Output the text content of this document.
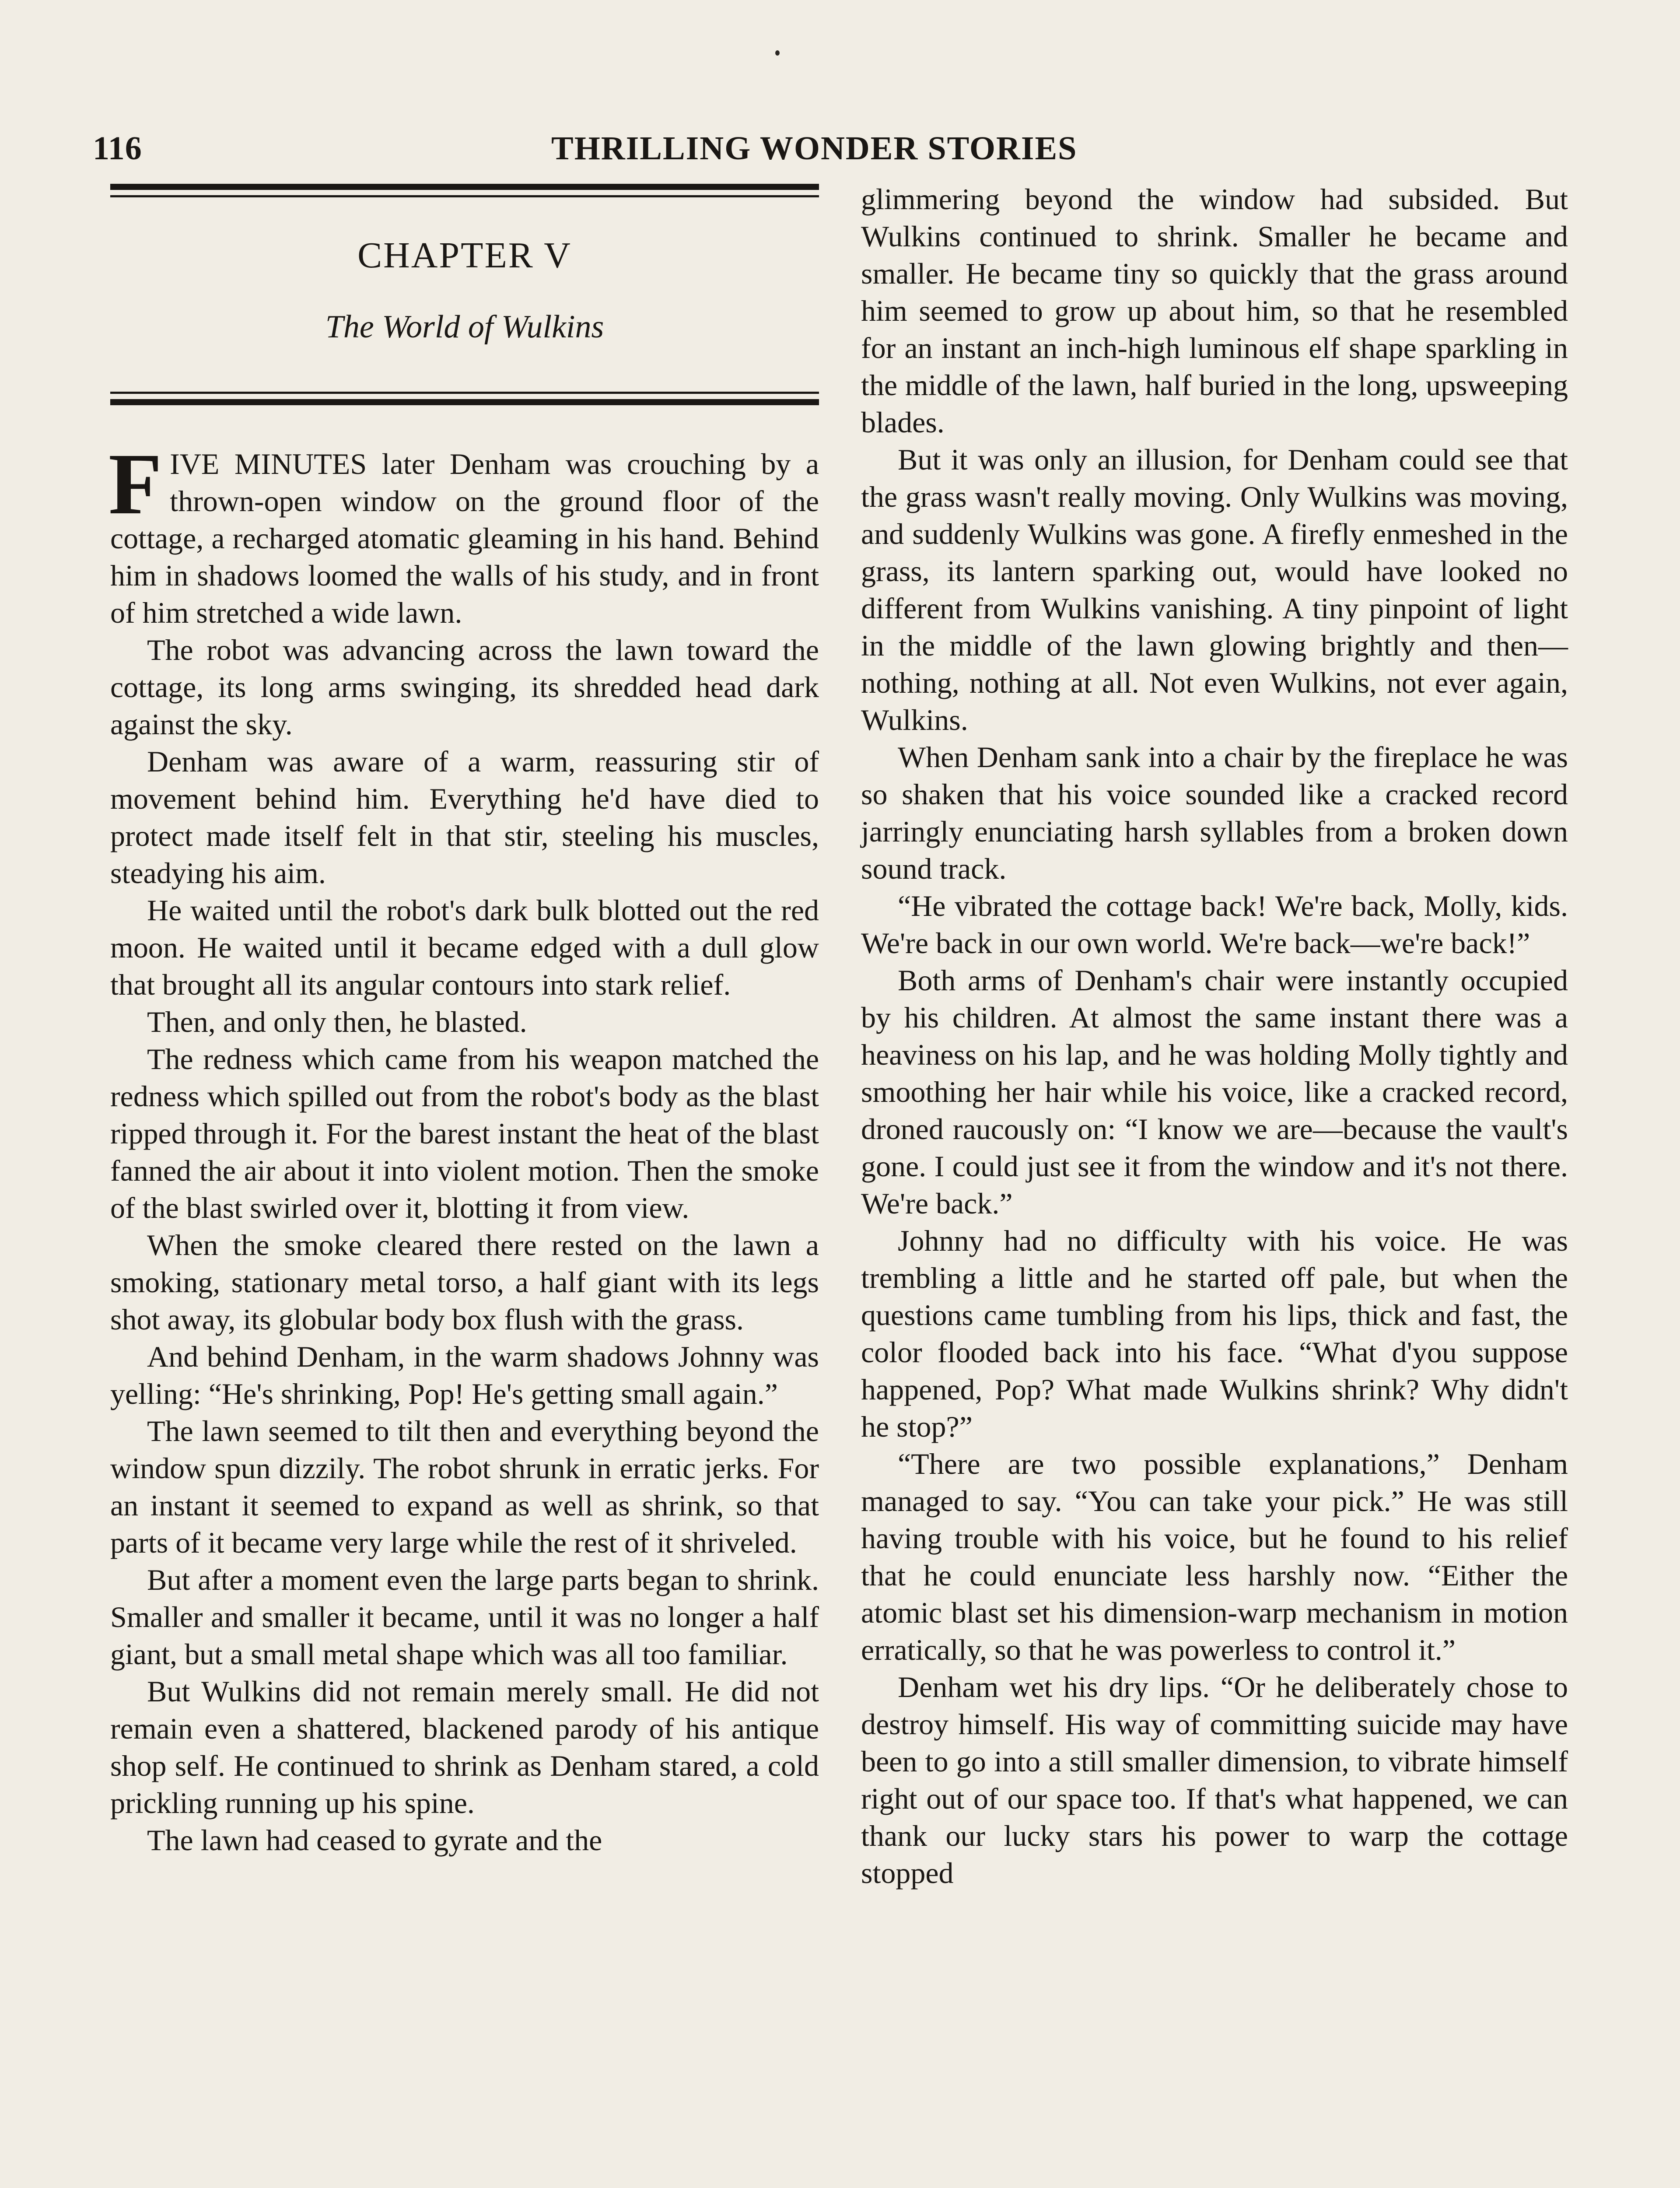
116	THRILLING WONDER STORIES
CHAPTER V
The World of Wulkins

FIVE MINUTES later Denham was crouching by a thrown-open window on the ground floor of the cottage, a recharged atomatic gleaming in his hand. Behind him in shadows loomed the walls of his study, and in front of him stretched a wide lawn.

The robot was advancing across the lawn toward the cottage, its long arms swinging, its shredded head dark against the sky.

Denham was aware of a warm, reassuring stir of movement behind him. Everything he'd have died to protect made itself felt in that stir, steeling his muscles, steadying his aim.

He waited until the robot's dark bulk blotted out the red moon. He waited until it became edged with a dull glow that brought all its angular contours into stark relief.

Then, and only then, he blasted.

The redness which came from his weapon matched the redness which spilled out from the robot's body as the blast ripped through it. For the barest instant the heat of the blast fanned the air about it into violent motion. Then the smoke of the blast swirled over it, blotting it from view.

When the smoke cleared there rested on the lawn a smoking, stationary metal torso, a half giant with its legs shot away, its globular body box flush with the grass.

And behind Denham, in the warm shadows Johnny was yelling: “He's shrinking, Pop! He's getting small again.”

The lawn seemed to tilt then and everything beyond the window spun dizzily. The robot shrunk in erratic jerks. For an instant it seemed to expand as well as shrink, so that parts of it became very large while the rest of it shriveled.

But after a moment even the large parts began to shrink. Smaller and smaller it became, until it was no longer a half giant, but a small metal shape which was all too familiar.

But Wulkins did not remain merely small. He did not remain even a shattered, blackened parody of his antique shop self. He continued to shrink as Denham stared, a cold prickling running up his spine.

The lawn had ceased to gyrate and the

glimmering beyond the window had subsided. But Wulkins continued to shrink. Smaller he became and smaller. He became tiny so quickly that the grass around him seemed to grow up about him, so that he resembled for an instant an inch-high luminous elf shape sparkling in the middle of the lawn, half buried in the long, upsweeping blades.

But it was only an illusion, for Denham could see that the grass wasn't really moving. Only Wulkins was moving, and suddenly Wulkins was gone. A firefly enmeshed in the grass, its lantern sparking out, would have looked no different from Wulkins vanishing. A tiny pinpoint of light in the middle of the lawn glowing brightly and then—nothing, nothing at all. Not even Wulkins, not ever again, Wulkins.

When Denham sank into a chair by the fireplace he was so shaken that his voice sounded like a cracked record jarringly enunciating harsh syllables from a broken down sound track.

“He vibrated the cottage back! We're back, Molly, kids. We're back in our own world. We're back—we're back!”

Both arms of Denham's chair were instantly occupied by his children. At almost the same instant there was a heaviness on his lap, and he was holding Molly tightly and smoothing her hair while his voice, like a cracked record, droned raucously on: “I know we are—because the vault's gone. I could just see it from the window and it's not there. We're back.”

Johnny had no difficulty with his voice. He was trembling a little and he started off pale, but when the questions came tumbling from his lips, thick and fast, the color flooded back into his face. “What d'you suppose happened, Pop? What made Wulkins shrink? Why didn't he stop?”

“There are two possible explanations,” Denham managed to say. “You can take your pick.” He was still having trouble with his voice, but he found to his relief that he could enunciate less harshly now. “Either the atomic blast set his dimension-warp mechanism in motion erratically, so that he was powerless to control it.”

Denham wet his dry lips. “Or he deliberately chose to destroy himself. His way of committing suicide may have been to go into a still smaller dimension, to vibrate himself right out of our space too. If that's what happened, we can thank our lucky stars his power to warp the cottage stopped
